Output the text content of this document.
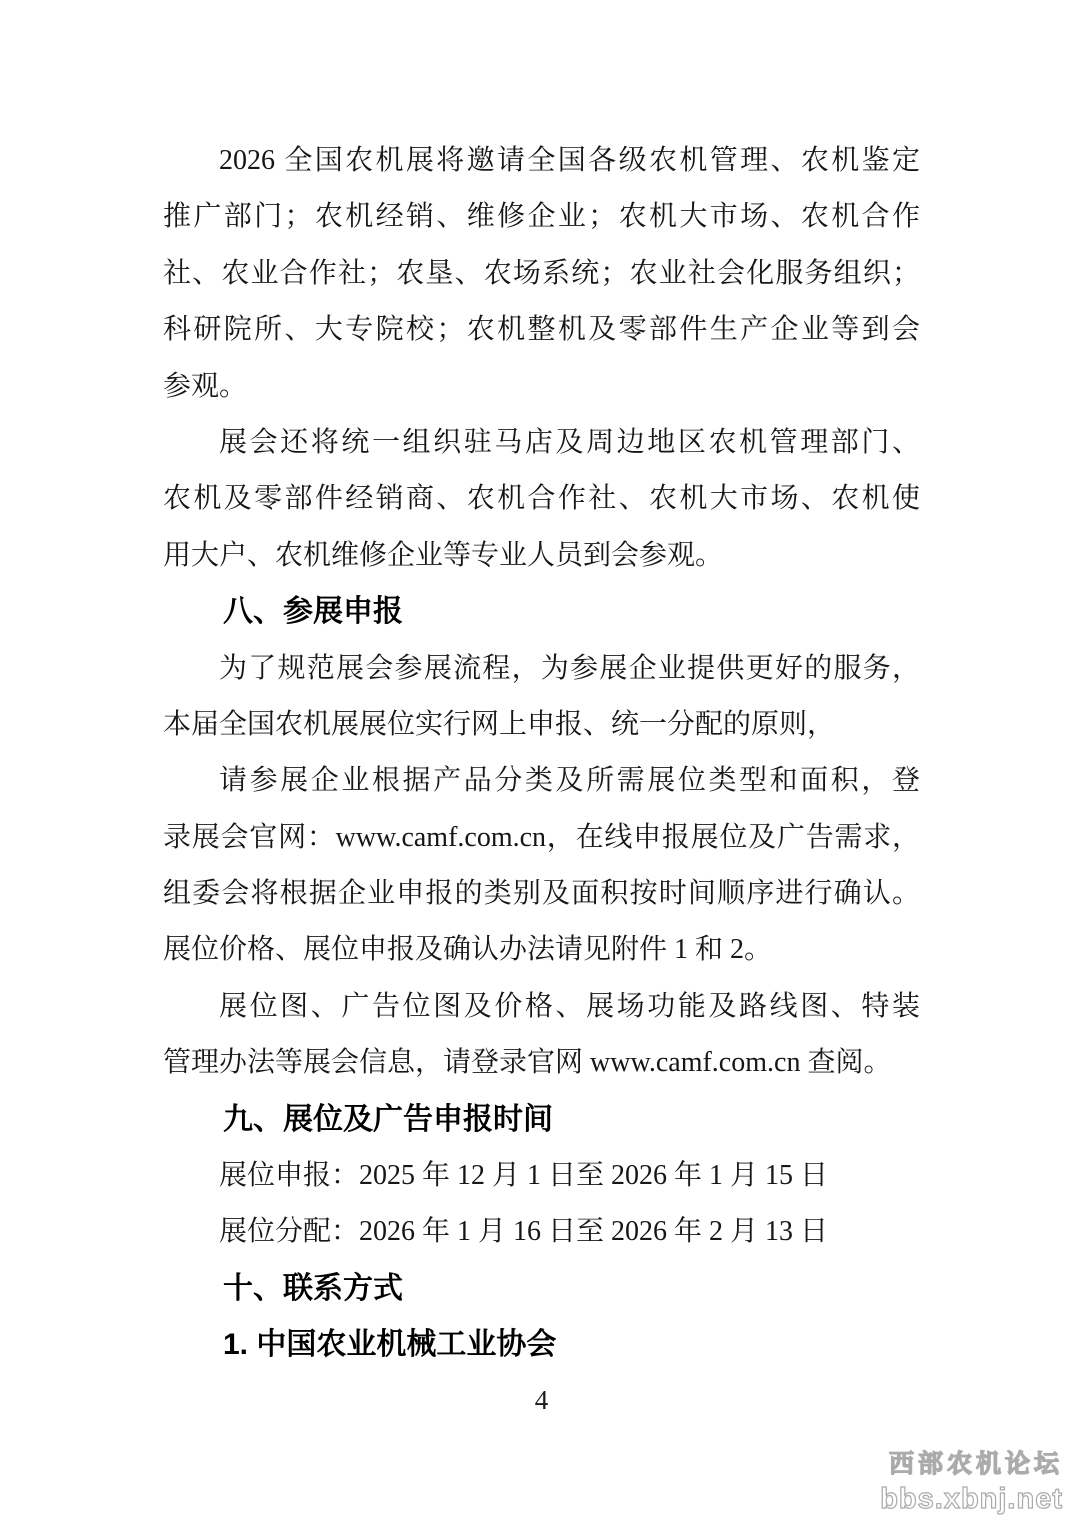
2026 全国农机展将邀请全国各级农机管理、农机鉴定
推广部门；农机经销、维修企业；农机大市场、农机合作
社、农业合作社；农垦、农场系统；农业社会化服务组织；
科研院所、大专院校；农机整机及零部件生产企业等到会
参观。
展会还将统一组织驻马店及周边地区农机管理部门、
农机及零部件经销商、农机合作社、农机大市场、农机使
用大户、农机维修企业等专业人员到会参观。
八、参展申报
为了规范展会参展流程，为参展企业提供更好的服务，
本届全国农机展展位实行网上申报、统一分配的原则，
请参展企业根据产品分类及所需展位类型和面积，登
录展会官网：www.camf.com.cn，在线申报展位及广告需求，
组委会将根据企业申报的类别及面积按时间顺序进行确认。
展位价格、展位申报及确认办法请见附件 1 和 2。
展位图、广告位图及价格、展场功能及路线图、特装
管理办法等展会信息，请登录官网 www.camf.com.cn 查阅。
九、展位及广告申报时间
展位申报：2025 年 12 月 1 日至 2026 年 1 月 15 日
展位分配：2026 年 1 月 16 日至 2026 年 2 月 13 日
十、联系方式
1. 中国农业机械工业协会
4
西部农机论坛
bbs.xbnj.net
